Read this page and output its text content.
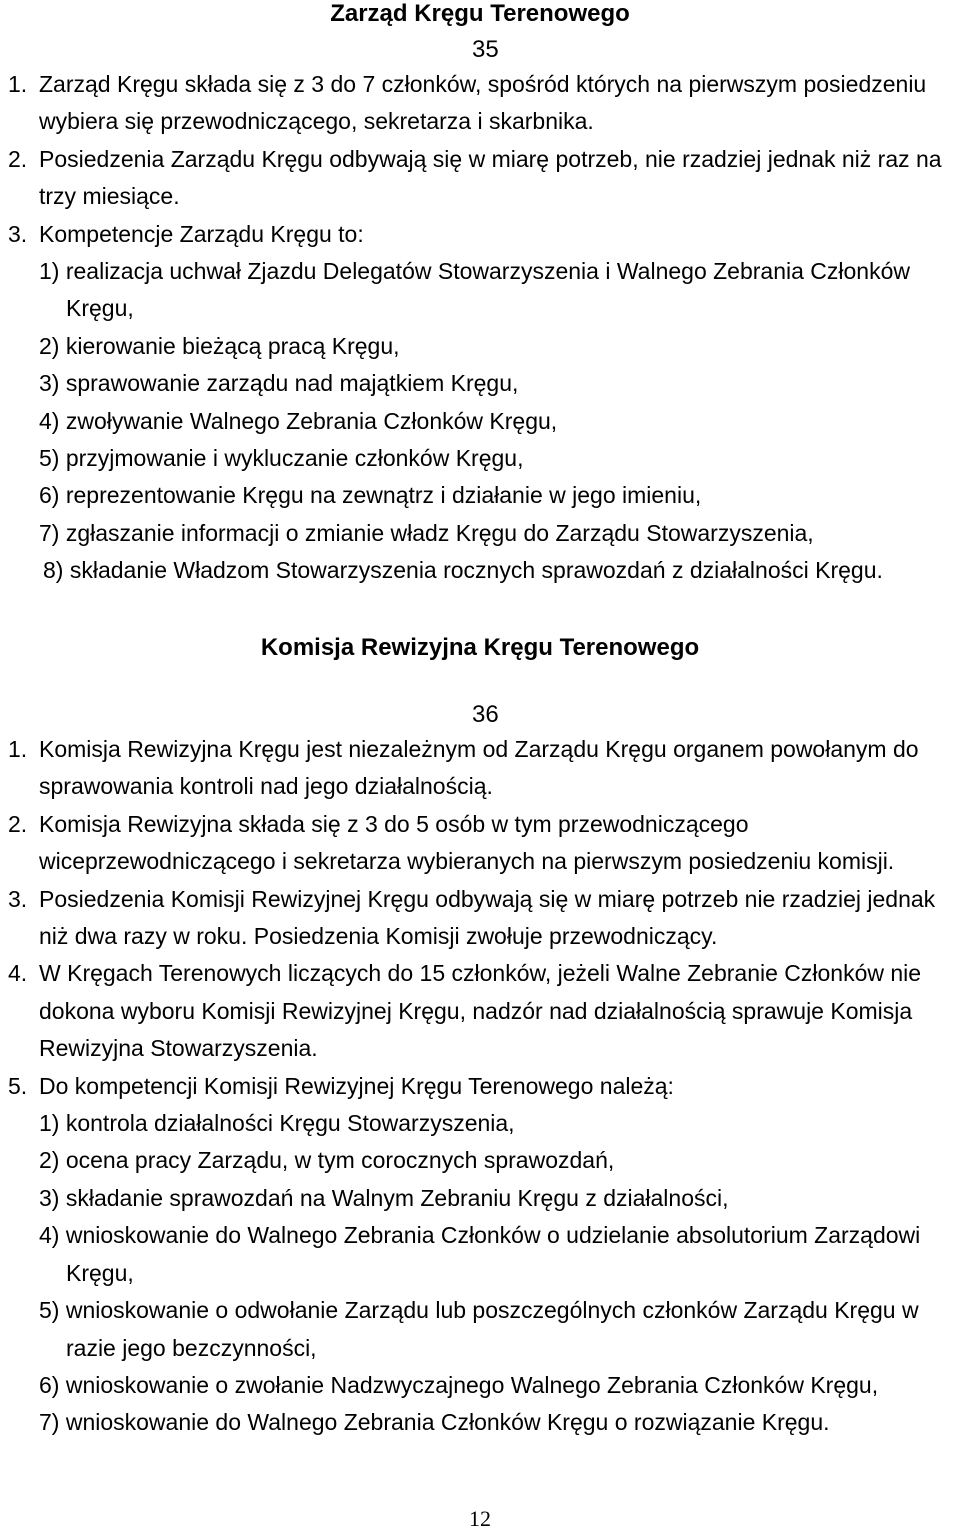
Zarząd Kręgu Terenowego
35
1. Zarząd Kręgu składa się z 3 do 7 członków, spośród których na pierwszym posiedzeniu wybiera się przewodniczącego, sekretarza i skarbnika.
2. Posiedzenia Zarządu Kręgu odbywają się w miarę potrzeb, nie rzadziej jednak niż raz na trzy miesiące.
3. Kompetencje Zarządu Kręgu to:
1) realizacja uchwał Zjazdu Delegatów Stowarzyszenia i Walnego Zebrania Członków Kręgu,
2) kierowanie bieżącą pracą Kręgu,
3) sprawowanie zarządu nad majątkiem Kręgu,
4) zwoływanie Walnego Zebrania Członków Kręgu,
5) przyjmowanie i wykluczanie członków Kręgu,
6) reprezentowanie Kręgu na zewnątrz i działanie w jego imieniu,
7) zgłaszanie informacji o zmianie władz Kręgu do Zarządu Stowarzyszenia,
8) składanie Władzom Stowarzyszenia rocznych sprawozdań z działalności Kręgu.
Komisja Rewizyjna Kręgu Terenowego
36
1. Komisja Rewizyjna Kręgu jest niezależnym od Zarządu Kręgu organem powołanym do sprawowania kontroli nad jego działalnością.
2. Komisja Rewizyjna składa się z 3 do 5 osób w tym przewodniczącego wiceprzewodniczącego i sekretarza wybieranych na pierwszym posiedzeniu komisji.
3. Posiedzenia Komisji Rewizyjnej Kręgu odbywają się w miarę potrzeb nie rzadziej jednak niż dwa razy w roku. Posiedzenia Komisji zwołuje przewodniczący.
4. W Kręgach Terenowych liczących do 15 członków, jeżeli Walne Zebranie Członków nie dokona wyboru Komisji Rewizyjnej Kręgu, nadzór nad działalnością sprawuje Komisja Rewizyjna Stowarzyszenia.
5. Do kompetencji Komisji Rewizyjnej Kręgu Terenowego należą:
1) kontrola działalności Kręgu Stowarzyszenia,
2) ocena pracy Zarządu, w tym corocznych sprawozdań,
3) składanie sprawozdań na Walnym Zebraniu Kręgu z działalności,
4) wnioskowanie do Walnego Zebrania Członków o udzielanie absolutorium Zarządowi Kręgu,
5) wnioskowanie o odwołanie Zarządu lub poszczególnych członków Zarządu Kręgu w razie jego bezczynności,
6) wnioskowanie o zwołanie Nadzwyczajnego Walnego Zebrania Członków Kręgu,
7) wnioskowanie do Walnego Zebrania Członków Kręgu o rozwiązanie Kręgu.
12
